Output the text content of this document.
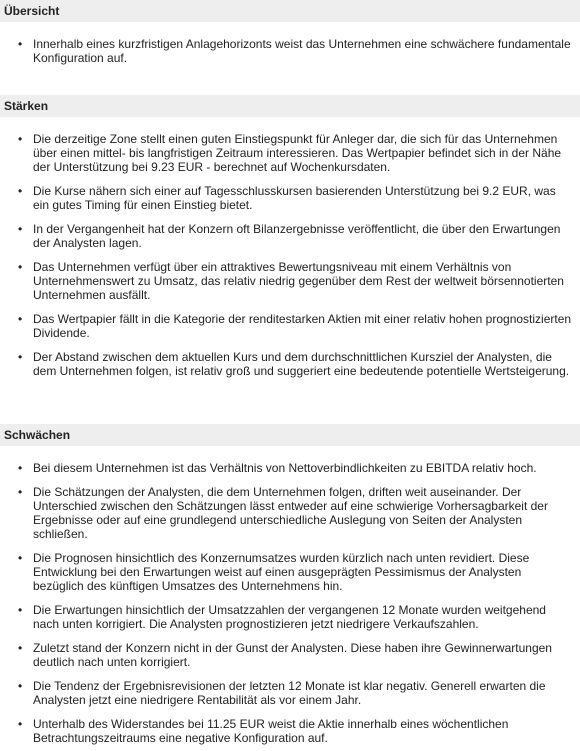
Übersicht
• Innerhalb eines kurzfristigen Anlagehorizonts weist das Unternehmen eine schwächere fundamentale Konfiguration auf.
Stärken
• Die derzeitige Zone stellt einen guten Einstiegspunkt für Anleger dar, die sich für das Unternehmen über einen mittel- bis langfristigen Zeitraum interessieren. Das Wertpapier befindet sich in der Nähe der Unterstützung bei 9.23 EUR - berechnet auf Wochenkursdaten.
• Die Kurse nähern sich einer auf Tagesschlusskursen basierenden Unterstützung bei 9.2 EUR, was ein gutes Timing für einen Einstieg bietet.
• In der Vergangenheit hat der Konzern oft Bilanzergebnisse veröffentlicht, die über den Erwartungen der Analysten lagen.
• Das Unternehmen verfügt über ein attraktives Bewertungsniveau mit einem Verhältnis von Unternehmenswert zu Umsatz, das relativ niedrig gegenüber dem Rest der weltweit börsennotierten Unternehmen ausfällt.
• Das Wertpapier fällt in die Kategorie der renditestarken Aktien mit einer relativ hohen prognostizierten Dividende.
• Der Abstand zwischen dem aktuellen Kurs und dem durchschnittlichen Kursziel der Analysten, die dem Unternehmen folgen, ist relativ groß und suggeriert eine bedeutende potentielle Wertsteigerung.
Schwächen
• Bei diesem Unternehmen ist das Verhältnis von Nettoverbindlichkeiten zu EBITDA relativ hoch.
• Die Schätzungen der Analysten, die dem Unternehmen folgen, driften weit auseinander. Der Unterschied zwischen den Schätzungen lässt entweder auf eine schwierige Vorhersagbarkeit der Ergebnisse oder auf eine grundlegend unterschiedliche Auslegung von Seiten der Analysten schließen.
• Die Prognosen hinsichtlich des Konzernumsatzes wurden kürzlich nach unten revidiert. Diese Entwicklung bei den Erwartungen weist auf einen ausgeprägten Pessimismus der Analysten bezüglich des künftigen Umsatzes des Unternehmens hin.
• Die Erwartungen hinsichtlich der Umsatzzahlen der vergangenen 12 Monate wurden weitgehend nach unten korrigiert. Die Analysten prognostizieren jetzt niedrigere Verkaufszahlen.
• Zuletzt stand der Konzern nicht in der Gunst der Analysten. Diese haben ihre Gewinnerwartungen deutlich nach unten korrigiert.
• Die Tendenz der Ergebnisrevisionen der letzten 12 Monate ist klar negativ. Generell erwarten die Analysten jetzt eine niedrigere Rentabilität als vor einem Jahr.
• Unterhalb des Widerstandes bei 11.25 EUR weist die Aktie innerhalb eines wöchentlichen Betrachtungszeitraums eine negative Konfiguration auf.
